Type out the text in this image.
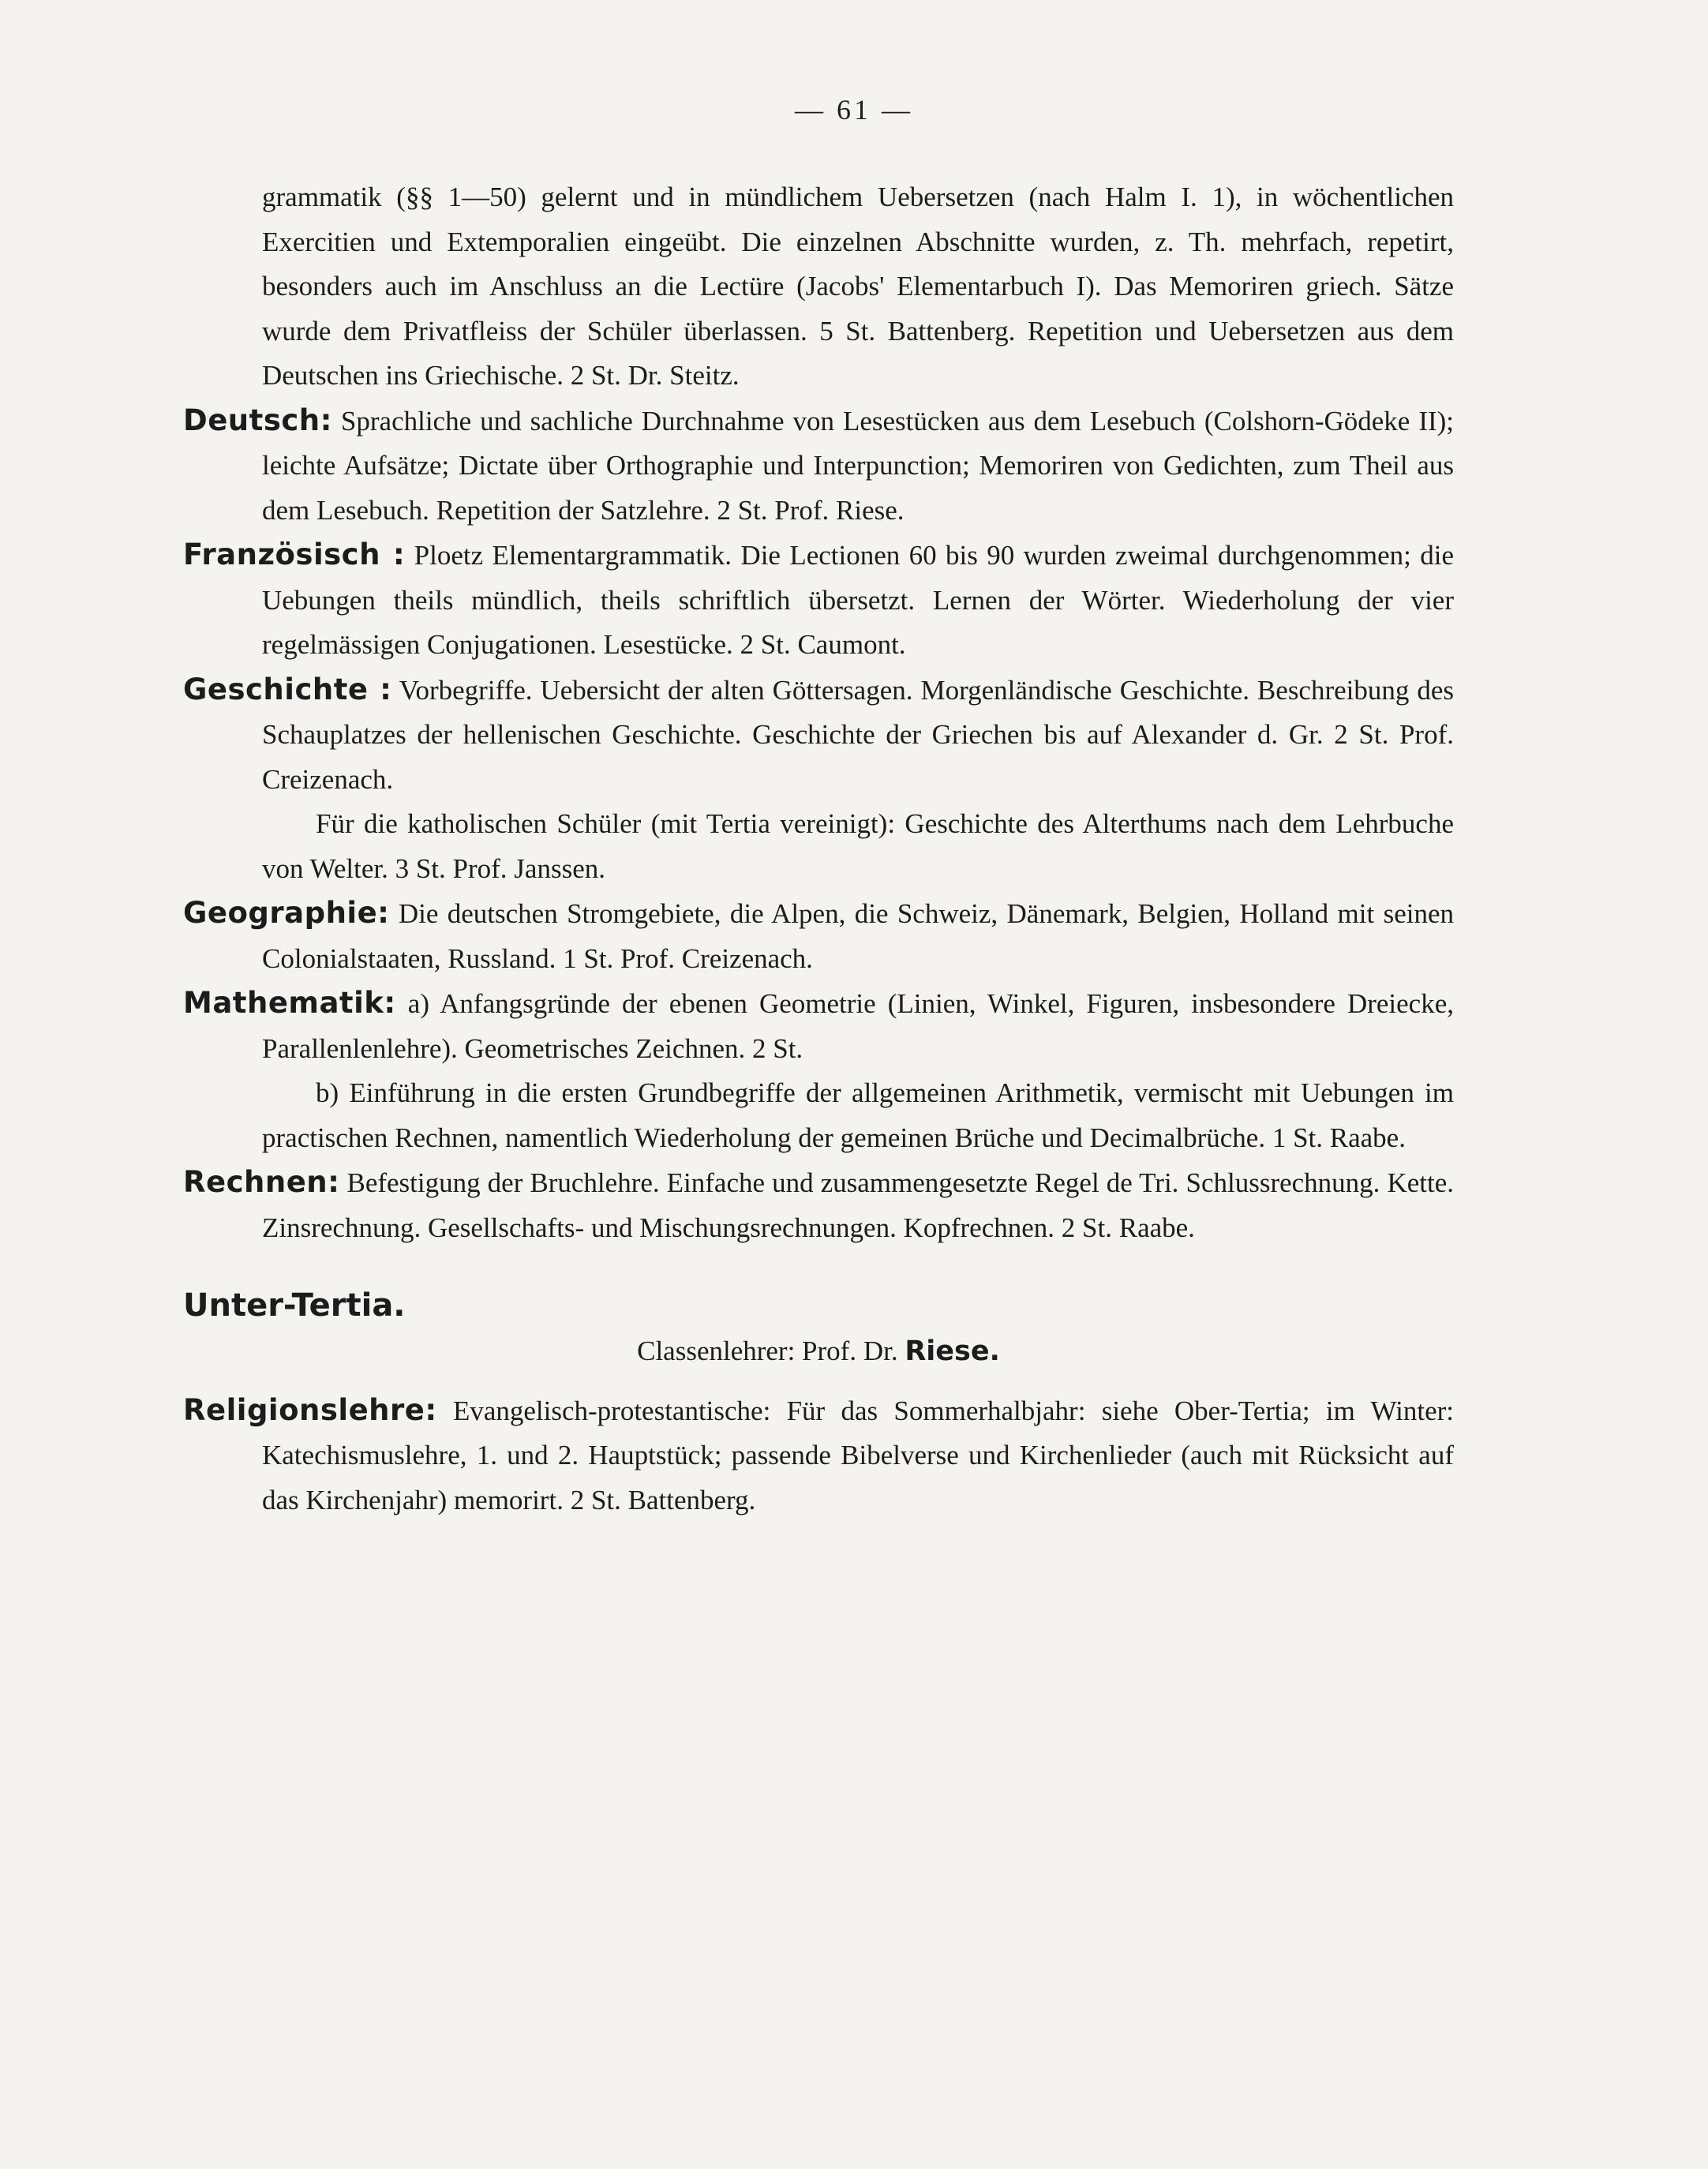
— 61 —

grammatik (§§ 1—50) gelernt und in mündlichem Uebersetzen (nach Halm I. 1), in wöchentlichen Exercitien und Extemporalien eingeübt. Die einzelnen Abschnitte wurden, z. Th. mehrfach, repetirt, besonders auch im Anschluss an die Lectüre (Jacobs' Elementarbuch I). Das Memoriren griech. Sätze wurde dem Privatfleiss der Schüler überlassen. 5 St. Battenberg. Repetition und Uebersetzen aus dem Deutschen ins Griechische. 2 St. Dr. Steitz.

Deutsch: Sprachliche und sachliche Durchnahme von Lesestücken aus dem Lesebuch (Colshorn-Gödeke II); leichte Aufsätze; Dictate über Orthographie und Interpunction; Memoriren von Gedichten, zum Theil aus dem Lesebuch. Repetition der Satzlehre. 2 St. Prof. Riese.

Französisch : Ploetz Elementargrammatik. Die Lectionen 60 bis 90 wurden zweimal durchgenommen; die Uebungen theils mündlich, theils schriftlich übersetzt. Lernen der Wörter. Wiederholung der vier regelmässigen Conjugationen. Lesestücke. 2 St. Caumont.

Geschichte : Vorbegriffe. Uebersicht der alten Göttersagen. Morgenländische Geschichte. Beschreibung des Schauplatzes der hellenischen Geschichte. Geschichte der Griechen bis auf Alexander d. Gr. 2 St. Prof. Creizenach.

Für die katholischen Schüler (mit Tertia vereinigt): Geschichte des Alterthums nach dem Lehrbuche von Welter. 3 St. Prof. Janssen.

Geographie: Die deutschen Stromgebiete, die Alpen, die Schweiz, Dänemark, Belgien, Holland mit seinen Colonialstaaten, Russland. 1 St. Prof. Creizenach.

Mathematik: a) Anfangsgründe der ebenen Geometrie (Linien, Winkel, Figuren, insbesondere Dreiecke, Parallenlenlehre). Geometrisches Zeichnen. 2 St.

b) Einführung in die ersten Grundbegriffe der allgemeinen Arithmetik, vermischt mit Uebungen im practischen Rechnen, namentlich Wiederholung der gemeinen Brüche und Decimalbrüche. 1 St. Raabe.

Rechnen: Befestigung der Bruchlehre. Einfache und zusammengesetzte Regel de Tri. Schlussrechnung. Kette. Zinsrechnung. Gesellschafts- und Mischungsrechnungen. Kopfrechnen. 2 St. Raabe.

Unter-Tertia.

Classenlehrer: Prof. Dr. Riese.

Religionslehre: Evangelisch-protestantische: Für das Sommerhalbjahr: siehe Ober-Tertia; im Winter: Katechismuslehre, 1. und 2. Hauptstück; passende Bibelverse und Kirchenlieder (auch mit Rücksicht auf das Kirchenjahr) memorirt. 2 St. Battenberg.
